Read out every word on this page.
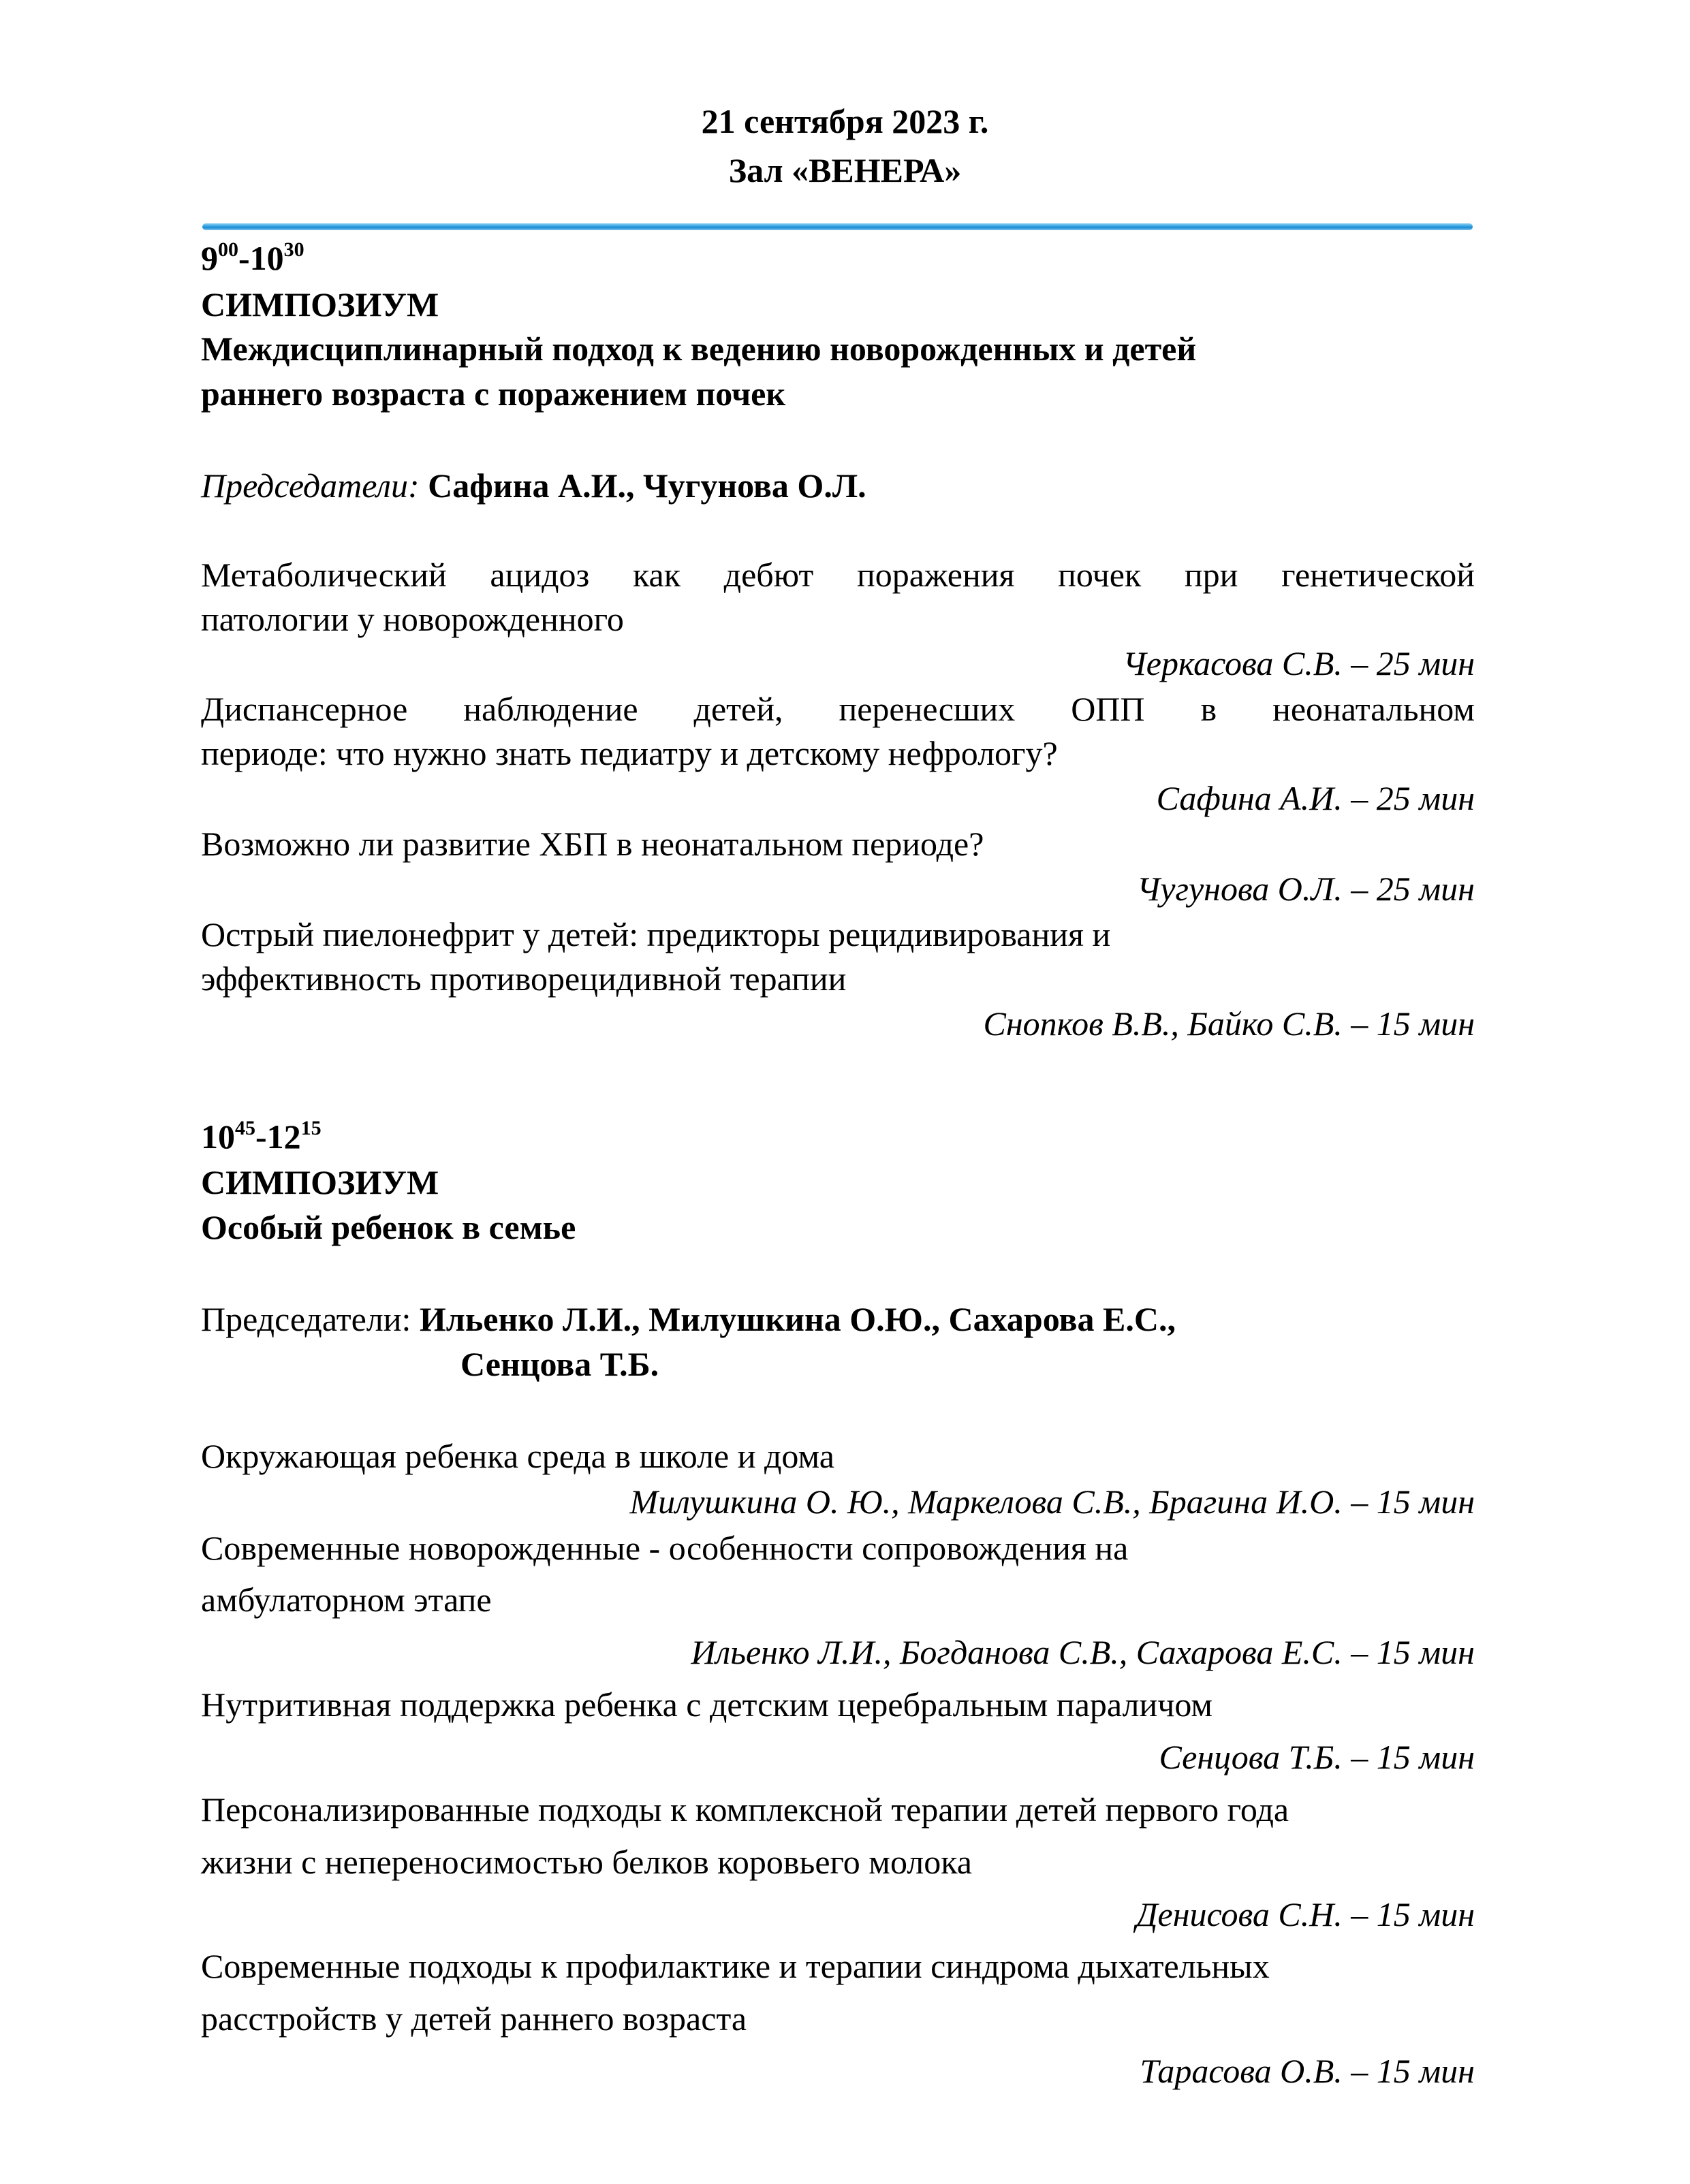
21 сентября 2023 г.
Зал «ВЕНЕРА»
$9^{00}-10^{30}$
СИМПОЗИУМ
Междисциплинарный подход к ведению новорожденных и детей
раннего возраста с поражением почек
Председатели: Сафина А.И., Чугунова О.Л.
Метаболический ацидоз как дебют поражения почек при генетической
патологии у новорожденного
Черкасова С.В. – 25 мин
Диспансерное наблюдение детей, перенесших ОПП в неонатальном
периоде: что нужно знать педиатру и детскому нефрологу?
Сафина А.И. – 25 мин
Возможно ли развитие ХБП в неонатальном периоде?
Чугунова О.Л. – 25 мин
Острый пиелонефрит у детей: предикторы рецидивирования и
эффективность противорецидивной терапии
Снопков В.В., Байко С.В. – 15 мин
$10^{45}-12^{15}$
СИМПОЗИУМ
Особый ребенок в семье
Председатели: Ильенко Л.И., Милушкина О.Ю., Сахарова Е.С.,
Сенцова Т.Б.
Окружающая ребенка среда в школе и дома
Милушкина О. Ю., Маркелова С.В., Брагина И.О. – 15 мин
Современные новорожденные - особенности сопровождения на
амбулаторном этапе
Ильенко Л.И., Богданова С.В., Сахарова Е.С. – 15 мин
Нутритивная поддержка ребенка с детским церебральным параличом
Сенцова Т.Б. – 15 мин
Персонализированные подходы к комплексной терапии детей первого года
жизни с непереносимостью белков коровьего молока
Денисова С.Н. – 15 мин
Современные подходы к профилактике и терапии синдрома дыхательных
расстройств у детей раннего возраста
Тарасова О.В. – 15 мин
